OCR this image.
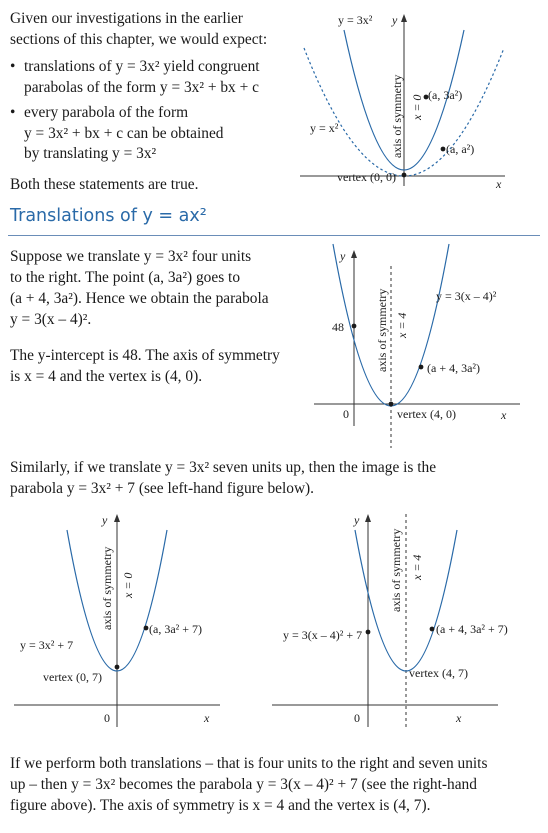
Given our investigations in the earlier

sections of this chapter, we would expect:

• translations of y = 3x² yield congruent
parabolas of the form y = 3x² + bx + c
• every parabola of the form
y = 3x² + bx + c can be obtained
by translating y = 3x²

Both these statements are true.

y = 3x² y
y = x²	axis of symmetry x = 0 (a, 3a²)
(a, a²)
vertex (0, 0)	x
Translations of y = ax²

Suppose we translate y = 3x² four units

to the right. The point (a, 3a²) goes to

(a + 4, 3a²). Hence we obtain the parabola

y = 3(x – 4)².

The y-intercept is 48. The axis of symmetry

is x = 4 and the vertex is (4, 0).

y
y = 3(x – 4)²
axis of symmetry x = 4
48
(a + 4, 3a²)
0	vertex (4, 0)	x

Similarly, if we translate y = 3x² seven units up, then the image is the

parabola y = 3x² + 7 (see left-hand figure below).

y
axis of symmetry x = 0
y = 3x² + 7
(a, 3a² + 7)
vertex (0, 7)
0	x
y
axis of symmetry x = 4
y = 3(x – 4)² + 7	(a + 4, 3a² + 7)
vertex (4, 7)
0	x

If we perform both translations – that is four units to the right and seven units

up – then y = 3x² becomes the parabola y = 3(x – 4)² + 7 (see the right-hand

figure above). The axis of symmetry is x = 4 and the vertex is (4, 7).
